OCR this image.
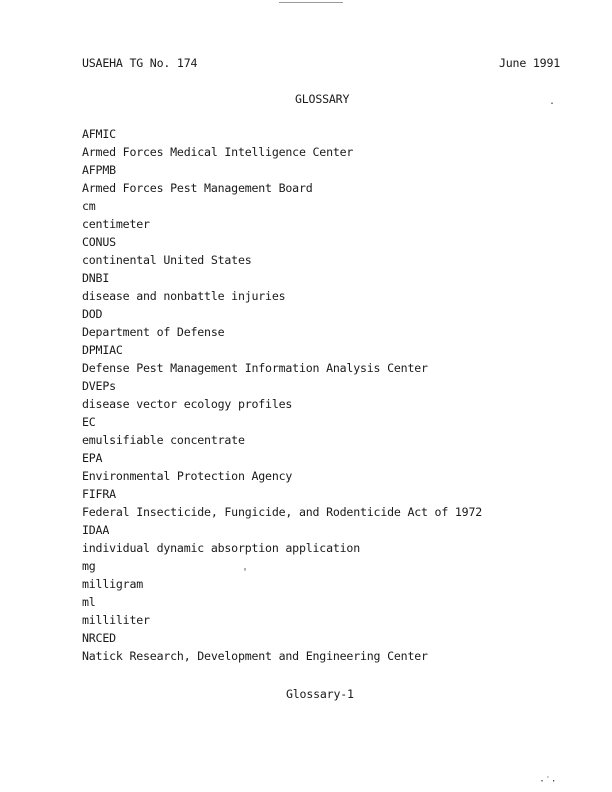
USAEHA TG No. 174	June 1991
GLOSSARY
AFMIC
Armed Forces Medical Intelligence Center
AFPMB
Armed Forces Pest Management Board
cm
centimeter
CONUS
continental United States
DNBI
disease and nonbattle injuries
DOD
Department of Defense
DPMIAC
Defense Pest Management Information Analysis Center
DVEPs
disease vector ecology profiles
EC
emulsifiable concentrate
EPA
Environmental Protection Agency
FIFRA
Federal Insecticide, Fungicide, and Rodenticide Act of 1972
IDAA
individual dynamic absorption application
mg
milligram
ml
milliliter
NRCED
Natick Research, Development and Engineering Center
Glossary-1
'
.
·˙·
